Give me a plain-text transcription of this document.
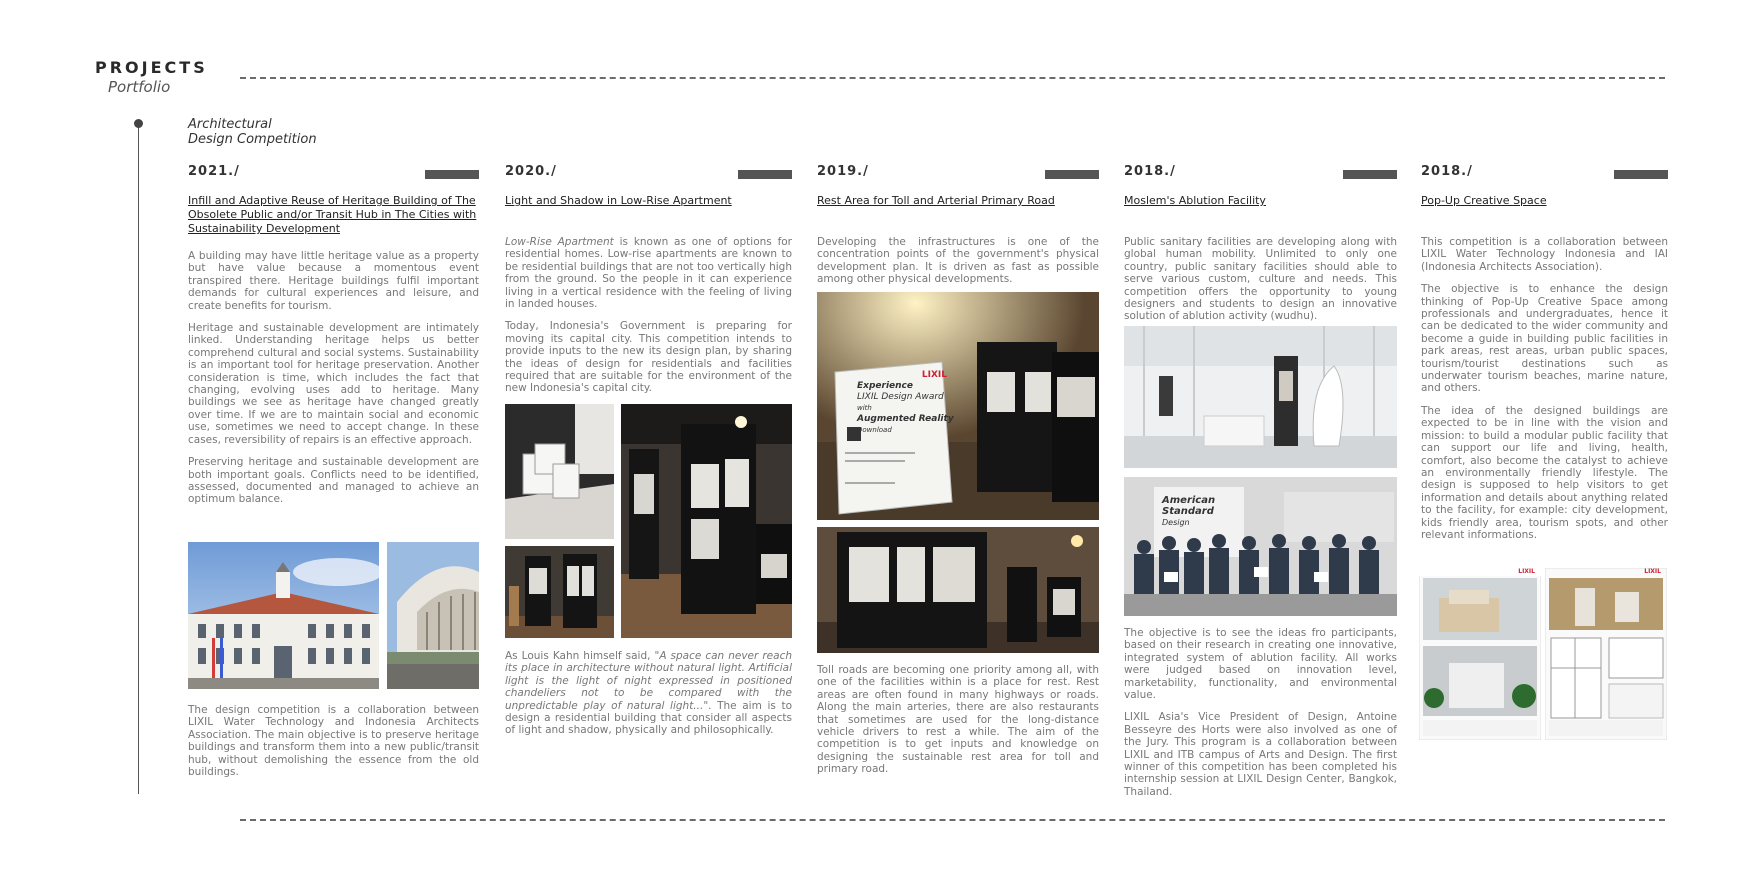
PROJECTS
Portfolio
Architectural
Design Competition
2021./
Infill and Adaptive Reuse of Heritage Building of The Obsolete Public and/or Transit Hub in The Cities with Sustainability Development

A building may have little heritage value as a property but have value because a momentous event transpired there. Heritage buildings fulfil important demands for cultural experiences and leisure, and create benefits for tourism.

Heritage and sustainable development are intimately linked. Understanding heritage helps us better comprehend cultural and social systems. Sustainability is an important tool for heritage preservation. Another consideration is time, which includes the fact that changing, evolving uses add to heritage. Many buildings we see as heritage have changed greatly over time. If we are to maintain social and economic use, sometimes we need to accept change. In these cases, reversibility of repairs is an effective approach.

Preserving heritage and sustainable development are both important goals. Conflicts need to be identified, assessed, documented and managed to achieve an optimum balance.

The design competition is a collaboration between LIXIL Water Technology and Indonesia Architects Association. The main objective is to preserve heritage buildings and transform them into a new public/transit hub, without demolishing the essence from the old buildings.

2020./
Light and Shadow in Low-Rise Apartment

Low-Rise Apartment is known as one of options for residential homes. Low-rise apartments are known to be residential buildings that are not too vertically high from the ground. So the people in it can experience living in a vertical residence with the feeling of living in landed houses.

Today, Indonesia's Government is preparing for moving its capital city. This competition intends to provide inputs to the new its design plan, by sharing the ideas of design for residentials and facilities required that are suitable for the environment of the new Indonesia's capital city.

As Louis Kahn himself said, "A space can never reach its place in architecture without natural light. Artificial light is the light of night expressed in positioned chandeliers not to be compared with the unpredictable play of natural light...". The aim is to design a residential building that consider all aspects of light and shadow, physically and philosophically.

2019./
Rest Area for Toll and Arterial Primary Road

Developing the infrastructures is one of the concentration points of the government's physical development plan. It is driven as fast as possible among other physical developments.

LIXIL
Experience
LIXIL Design Award
with
Augmented Reality
Download

Toll roads are becoming one priority among all, with one of the facilities within is a place for rest. Rest areas are often found in many highways or roads. Along the main arteries, there are also restaurants that sometimes are used for the long-distance vehicle drivers to rest a while. The aim of the competition is to get inputs and knowledge on designing the sustainable rest area for toll and primary road.

2018./
Moslem's Ablution Facility

Public sanitary facilities are developing along with global human mobility. Unlimited to only one country, public sanitary facilities should able to serve various custom, culture and needs. This competition offers the opportunity to young designers and students to design an innovative solution of ablution activity (wudhu).

American
Standard
Design

The objective is to see the ideas fro participants, based on their research in creating one innovative, integrated system of ablution facility. All works were judged based on innovation level, marketability, functionality, and environmental value.

LIXIL Asia's Vice President of Design, Antoine Besseyre des Horts were also involved as one of the Jury. This program is a collaboration between LIXIL and ITB campus of Arts and Design. The first winner of this competition has been completed his internship session at LIXIL Design Center, Bangkok, Thailand.

2018./
Pop-Up Creative Space

This competition is a collaboration between LIXIL Water Technology Indonesia and IAI (Indonesia Architects Association).

The objective is to enhance the design thinking of Pop-Up Creative Space among professionals and undergraduates, hence it can be dedicated to the wider community and become a guide in building public facilities in park areas, rest areas, urban public spaces, tourism/tourist destinations such as underwater tourism beaches, marine nature, and others.

The idea of the designed buildings are expected to be in line with the vision and mission: to build a modular public facility that can support our life and living, health, comfort, also become the catalyst to achieve an environmentally friendly lifestyle. The design is supposed to help visitors to get information and details about anything related to the facility, for example: city development, kids friendly area, tourism spots, and other relevant informations.

LIXIL	LIXIL
